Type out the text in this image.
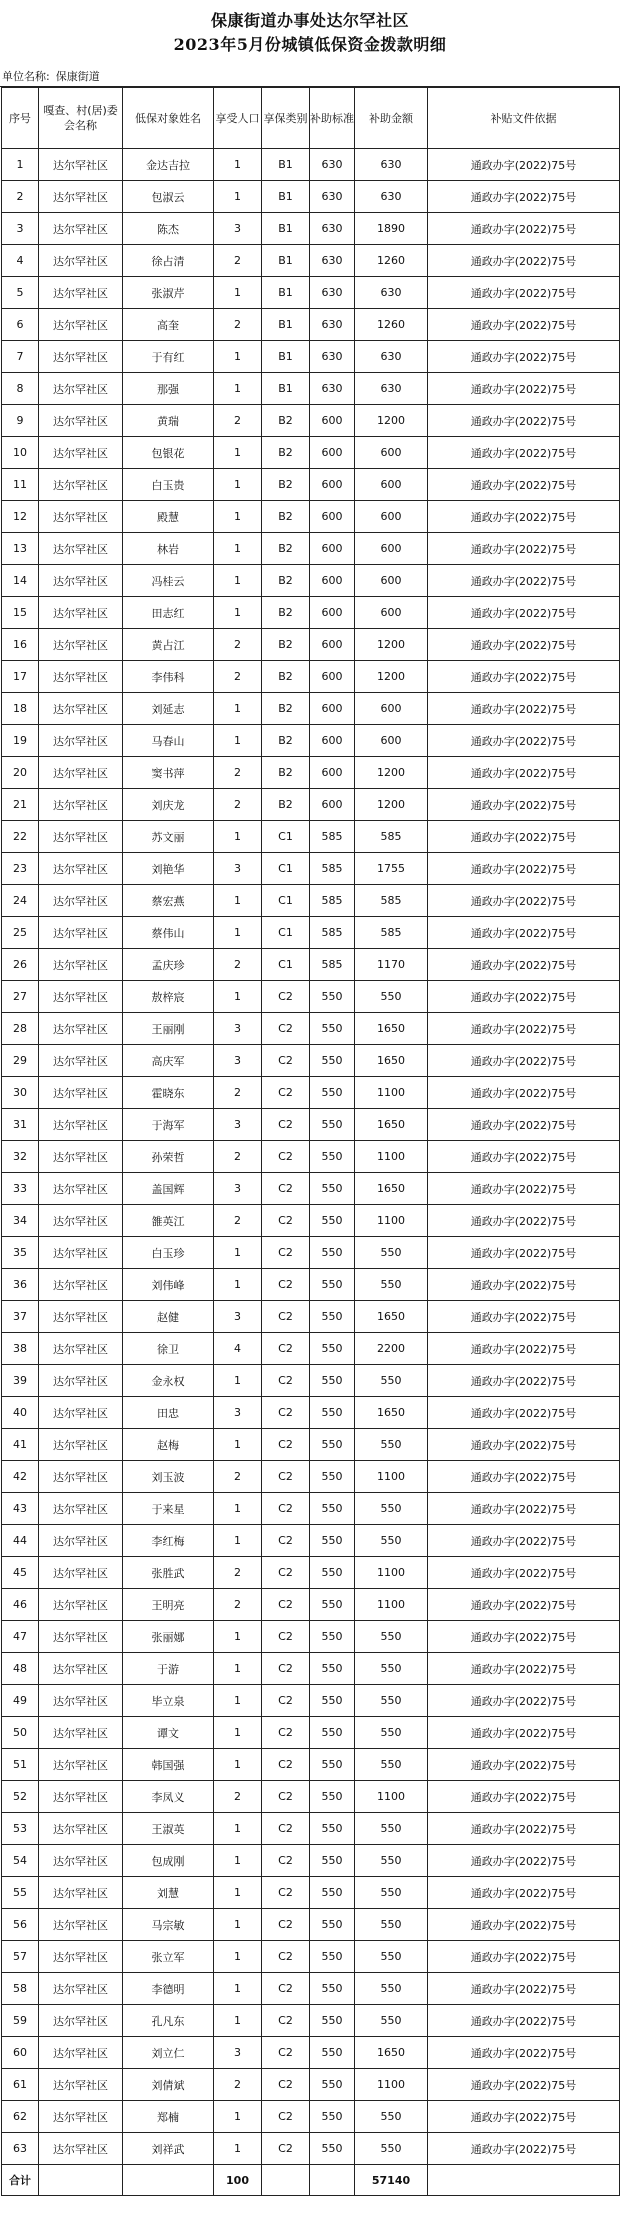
保康街道办事处达尔罕社区
2023年5月份城镇低保资金拨款明细
单位名称: 保康街道
序号	嘎查、村(居)委会名称	低保对象姓名	享受人口	享保类别	补助标准	补助金额	补贴文件依据
1	达尔罕社区	金达吉拉	1	B1	630	630	通政办字(2022)75号
2	达尔罕社区	包淑云	1	B1	630	630	通政办字(2022)75号
3	达尔罕社区	陈杰	3	B1	630	1890	通政办字(2022)75号
4	达尔罕社区	徐占清	2	B1	630	1260	通政办字(2022)75号
5	达尔罕社区	张淑芹	1	B1	630	630	通政办字(2022)75号
6	达尔罕社区	高奎	2	B1	630	1260	通政办字(2022)75号
7	达尔罕社区	于有红	1	B1	630	630	通政办字(2022)75号
8	达尔罕社区	那强	1	B1	630	630	通政办字(2022)75号
9	达尔罕社区	黄瑞	2	B2	600	1200	通政办字(2022)75号
10	达尔罕社区	包银花	1	B2	600	600	通政办字(2022)75号
11	达尔罕社区	白玉贵	1	B2	600	600	通政办字(2022)75号
12	达尔罕社区	殿慧	1	B2	600	600	通政办字(2022)75号
13	达尔罕社区	林岩	1	B2	600	600	通政办字(2022)75号
14	达尔罕社区	冯桂云	1	B2	600	600	通政办字(2022)75号
15	达尔罕社区	田志红	1	B2	600	600	通政办字(2022)75号
16	达尔罕社区	黄占江	2	B2	600	1200	通政办字(2022)75号
17	达尔罕社区	李伟科	2	B2	600	1200	通政办字(2022)75号
18	达尔罕社区	刘延志	1	B2	600	600	通政办字(2022)75号
19	达尔罕社区	马春山	1	B2	600	600	通政办字(2022)75号
20	达尔罕社区	窦书萍	2	B2	600	1200	通政办字(2022)75号
21	达尔罕社区	刘庆龙	2	B2	600	1200	通政办字(2022)75号
22	达尔罕社区	苏文丽	1	C1	585	585	通政办字(2022)75号
23	达尔罕社区	刘艳华	3	C1	585	1755	通政办字(2022)75号
24	达尔罕社区	蔡宏燕	1	C1	585	585	通政办字(2022)75号
25	达尔罕社区	蔡伟山	1	C1	585	585	通政办字(2022)75号
26	达尔罕社区	孟庆珍	2	C1	585	1170	通政办字(2022)75号
27	达尔罕社区	敖梓宸	1	C2	550	550	通政办字(2022)75号
28	达尔罕社区	王丽刚	3	C2	550	1650	通政办字(2022)75号
29	达尔罕社区	高庆军	3	C2	550	1650	通政办字(2022)75号
30	达尔罕社区	霍晓东	2	C2	550	1100	通政办字(2022)75号
31	达尔罕社区	于海军	3	C2	550	1650	通政办字(2022)75号
32	达尔罕社区	孙荣哲	2	C2	550	1100	通政办字(2022)75号
33	达尔罕社区	盖国辉	3	C2	550	1650	通政办字(2022)75号
34	达尔罕社区	雒英江	2	C2	550	1100	通政办字(2022)75号
35	达尔罕社区	白玉珍	1	C2	550	550	通政办字(2022)75号
36	达尔罕社区	刘伟峰	1	C2	550	550	通政办字(2022)75号
37	达尔罕社区	赵健	3	C2	550	1650	通政办字(2022)75号
38	达尔罕社区	徐卫	4	C2	550	2200	通政办字(2022)75号
39	达尔罕社区	金永权	1	C2	550	550	通政办字(2022)75号
40	达尔罕社区	田忠	3	C2	550	1650	通政办字(2022)75号
41	达尔罕社区	赵梅	1	C2	550	550	通政办字(2022)75号
42	达尔罕社区	刘玉波	2	C2	550	1100	通政办字(2022)75号
43	达尔罕社区	于来星	1	C2	550	550	通政办字(2022)75号
44	达尔罕社区	李红梅	1	C2	550	550	通政办字(2022)75号
45	达尔罕社区	张胜武	2	C2	550	1100	通政办字(2022)75号
46	达尔罕社区	王明亮	2	C2	550	1100	通政办字(2022)75号
47	达尔罕社区	张丽娜	1	C2	550	550	通政办字(2022)75号
48	达尔罕社区	于游	1	C2	550	550	通政办字(2022)75号
49	达尔罕社区	毕立泉	1	C2	550	550	通政办字(2022)75号
50	达尔罕社区	谭文	1	C2	550	550	通政办字(2022)75号
51	达尔罕社区	韩国强	1	C2	550	550	通政办字(2022)75号
52	达尔罕社区	李凤义	2	C2	550	1100	通政办字(2022)75号
53	达尔罕社区	王淑英	1	C2	550	550	通政办字(2022)75号
54	达尔罕社区	包成刚	1	C2	550	550	通政办字(2022)75号
55	达尔罕社区	刘慧	1	C2	550	550	通政办字(2022)75号
56	达尔罕社区	马宗敏	1	C2	550	550	通政办字(2022)75号
57	达尔罕社区	张立军	1	C2	550	550	通政办字(2022)75号
58	达尔罕社区	李德明	1	C2	550	550	通政办字(2022)75号
59	达尔罕社区	孔凡东	1	C2	550	550	通政办字(2022)75号
60	达尔罕社区	刘立仁	3	C2	550	1650	通政办字(2022)75号
61	达尔罕社区	刘倩斌	2	C2	550	1100	通政办字(2022)75号
62	达尔罕社区	郑楠	1	C2	550	550	通政办字(2022)75号
63	达尔罕社区	刘祥武	1	C2	550	550	通政办字(2022)75号
合计			100			57140	
